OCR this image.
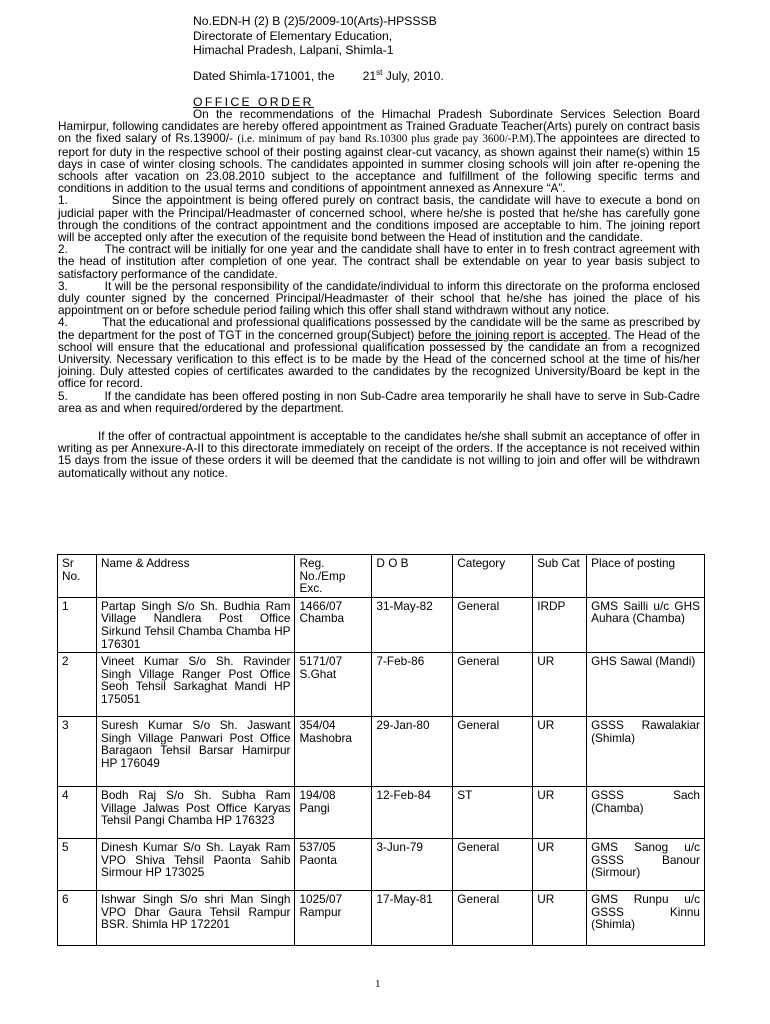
No.EDN-H (2) B (2)5/2009-10(Arts)-HPSSSB
Directorate of Elementary Education,
Himachal Pradesh, Lalpani, Shimla-1
Dated Shimla-171001, the 21st July, 2010.
OFFICE ORDER

On the recommendations of the Himachal Pradesh Subordinate Services Selection Board Hamirpur, following candidates are hereby offered appointment as Trained Graduate Teacher(Arts) purely on contract basis on the fixed salary of Rs.13900/- (i.e. minimum of pay band Rs.10300 plus grade pay 3600/-P.M).The appointees are directed to report for duty in the respective school of their posting against clear-cut vacancy, as shown against their name(s) within 15 days in case of winter closing schools. The candidates appointed in summer closing schools will join after re-opening the schools after vacation on 23.08.2010 subject to the acceptance and fulfillment of the following specific terms and conditions in addition to the usual terms and conditions of appointment annexed as Annexure “A”.

1.	Since the appointment is being offered purely on contract basis, the candidate will have to execute a bond on judicial paper with the Principal/Headmaster of concerned school, where he/she is posted that he/she has carefully gone through the conditions of the contract appointment and the conditions imposed are acceptable to him. The joining report will be accepted only after the execution of the requisite bond between the Head of institution and the candidate.

2.	The contract will be initially for one year and the candidate shall have to enter in to fresh contract agreement with the head of institution after completion of one year. The contract shall be extendable on year to year basis subject to satisfactory performance of the candidate.

3.	It will be the personal responsibility of the candidate/individual to inform this directorate on the proforma enclosed duly counter signed by the concerned Principal/Headmaster of their school that he/she has joined the place of his appointment on or before schedule period failing which this offer shall stand withdrawn without any notice.

4.	That the educational and professional qualifications possessed by the candidate will be the same as prescribed by the department for the post of TGT in the concerned group(Subject) before the joining report is accepted. The Head of the school will ensure that the educational and professional qualification possessed by the candidate an from a recognized University. Necessary verification to this effect is to be made by the Head of the concerned school at the time of his/her joining. Duly attested copies of certificates awarded to the candidates by the recognized University/Board be kept in the office for record.

5.	If the candidate has been offered posting in non Sub-Cadre area temporarily he shall have to serve in Sub-Cadre area as and when required/ordered by the department.

If the offer of contractual appointment is acceptable to the candidates he/she shall submit an acceptance of offer in writing as per Annexure-A-II to this directorate immediately on receipt of the orders. If the acceptance is not received within 15 days from the issue of these orders it will be deemed that the candidate is not willing to join and offer will be withdrawn automatically without any notice.

Sr No.	Name & Address	Reg. No./Emp Exc.	D O B	Category	Sub Cat	Place of posting
1	Partap Singh S/o Sh. Budhia Ram Village Nandlera Post Office Sirkund Tehsil Chamba Chamba HP 176301	1466/07 Chamba	31-May-82	General	IRDP	GMS Sailli u/c GHS Auhara (Chamba)
2	Vineet Kumar S/o Sh. Ravinder Singh Village Ranger Post Office Seoh Tehsil Sarkaghat Mandi HP 175051	5171/07 S.Ghat	7-Feb-86	General	UR	GHS Sawal (Mandi)
3	Suresh Kumar S/o Sh. Jaswant Singh Village Panwari Post Office Baragaon Tehsil Barsar Hamirpur HP 176049	354/04 Mashobra	29-Jan-80	General	UR	GSSS Rawalakiar (Shimla)
4	Bodh Raj S/o Sh. Subha Ram Village Jalwas Post Office Karyas Tehsil Pangi Chamba HP 176323	194/08 Pangi	12-Feb-84	ST	UR	GSSS Sach (Chamba)
5	Dinesh Kumar S/o Sh. Layak Ram VPO Shiva Tehsil Paonta Sahib Sirmour HP 173025	537/05 Paonta	3-Jun-79	General	UR	GMS Sanog u/c GSSS Banour (Sirmour)
6	Ishwar Singh S/o shri Man Singh VPO Dhar Gaura Tehsil Rampur BSR. Shimla HP 172201	1025/07 Rampur	17-May-81	General	UR	GMS Runpu u/c GSSS Kinnu (Shimla)
1
